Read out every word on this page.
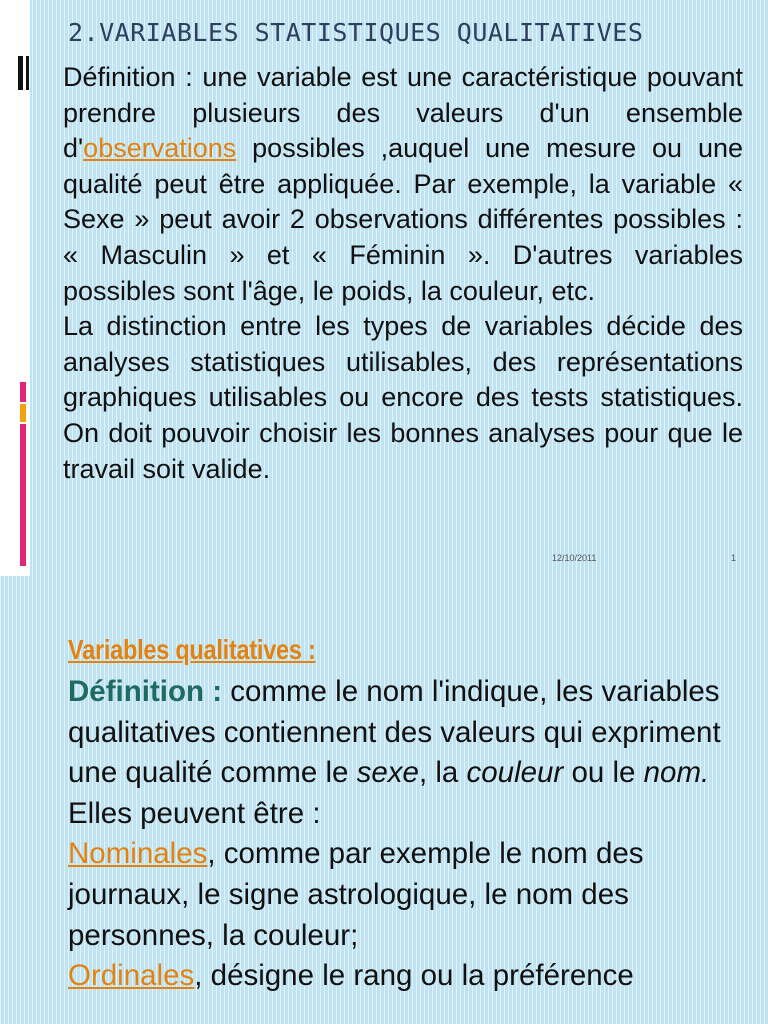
2.VARIABLES STATISTIQUES QUALITATIVES

Définition : une variable est une caractéristique pouvant prendre plusieurs des valeurs d'un ensemble d'observations possibles ,auquel une mesure ou une qualité peut être appliquée. Par exemple, la variable « Sexe » peut avoir 2 observations différentes possibles : « Masculin » et « Féminin ». D'autres variables possibles sont l'âge, le poids, la couleur, etc.

La distinction entre les types de variables décide des analyses statistiques utilisables, des représentations graphiques utilisables ou encore des tests statistiques. On doit pouvoir choisir les bonnes analyses pour que le travail soit valide.

12/10/2011	1
Variables qualitatives :

Définition : comme le nom l'indique, les variables qualitatives contiennent des valeurs qui expriment une qualité comme le sexe, la couleur ou le nom. Elles peuvent être :

Nominales, comme par exemple le nom des journaux, le signe astrologique, le nom des personnes, la couleur;

Ordinales, désigne le rang ou la préférence
